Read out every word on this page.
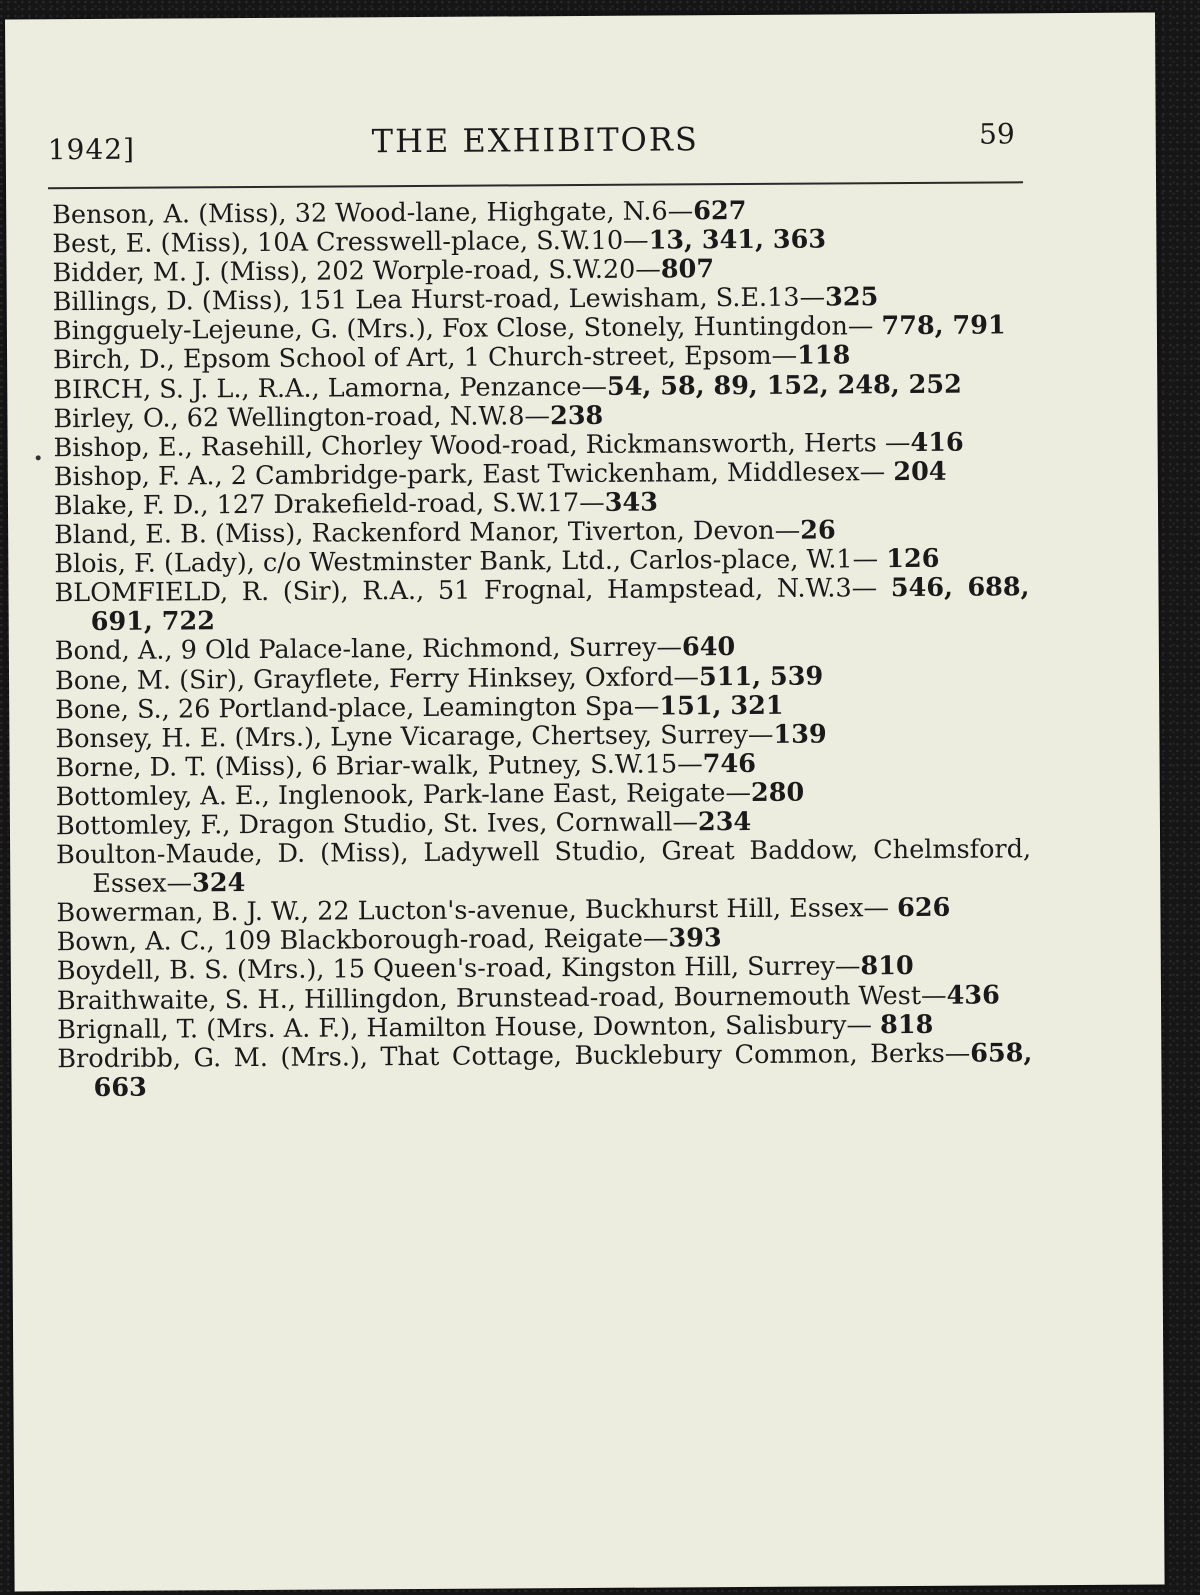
1942]	THE EXHIBITORS	59

Benson, A. (Miss), 32 Wood-lane, Highgate, N.6—627

Best, E. (Miss), 10A Cresswell-place, S.W.10—13, 341, 363

Bidder, M. J. (Miss), 202 Worple-road, S.W.20—807

Billings, D. (Miss), 151 Lea Hurst-road, Lewisham, S.E.13—325

Bingguely-Lejeune, G. (Mrs.), Fox Close, Stonely, Huntingdon— 778, 791

Birch, D., Epsom School of Art, 1 Church-street, Epsom—118

BIRCH, S. J. L., R.A., Lamorna, Penzance—54, 58, 89, 152, 248, 252

Birley, O., 62 Wellington-road, N.W.8—238

Bishop, E., Rasehill, Chorley Wood-road, Rickmansworth, Herts —416

Bishop, F. A., 2 Cambridge-park, East Twickenham, Middlesex— 204

Blake, F. D., 127 Drakefield-road, S.W.17—343

Bland, E. B. (Miss), Rackenford Manor, Tiverton, Devon—26

Blois, F. (Lady), c/o Westminster Bank, Ltd., Carlos-place, W.1— 126

BLOMFIELD, R. (Sir), R.A., 51 Frognal, Hampstead, N.W.3— 546, 688, 691, 722

Bond, A., 9 Old Palace-lane, Richmond, Surrey—640

Bone, M. (Sir), Grayflete, Ferry Hinksey, Oxford—511, 539

Bone, S., 26 Portland-place, Leamington Spa—151, 321

Bonsey, H. E. (Mrs.), Lyne Vicarage, Chertsey, Surrey—139

Borne, D. T. (Miss), 6 Briar-walk, Putney, S.W.15—746

Bottomley, A. E., Inglenook, Park-lane East, Reigate—280

Bottomley, F., Dragon Studio, St. Ives, Cornwall—234

Boulton-Maude, D. (Miss), Ladywell Studio, Great Baddow, Chelmsford, Essex—324

Bowerman, B. J. W., 22 Lucton's-avenue, Buckhurst Hill, Essex— 626

Bown, A. C., 109 Blackborough-road, Reigate—393

Boydell, B. S. (Mrs.), 15 Queen's-road, Kingston Hill, Surrey—810

Braithwaite, S. H., Hillingdon, Brunstead-road, Bournemouth West—436

Brignall, T. (Mrs. A. F.), Hamilton House, Downton, Salisbury— 818

Brodribb, G. M. (Mrs.), That Cottage, Bucklebury Common, Berks—658, 663
